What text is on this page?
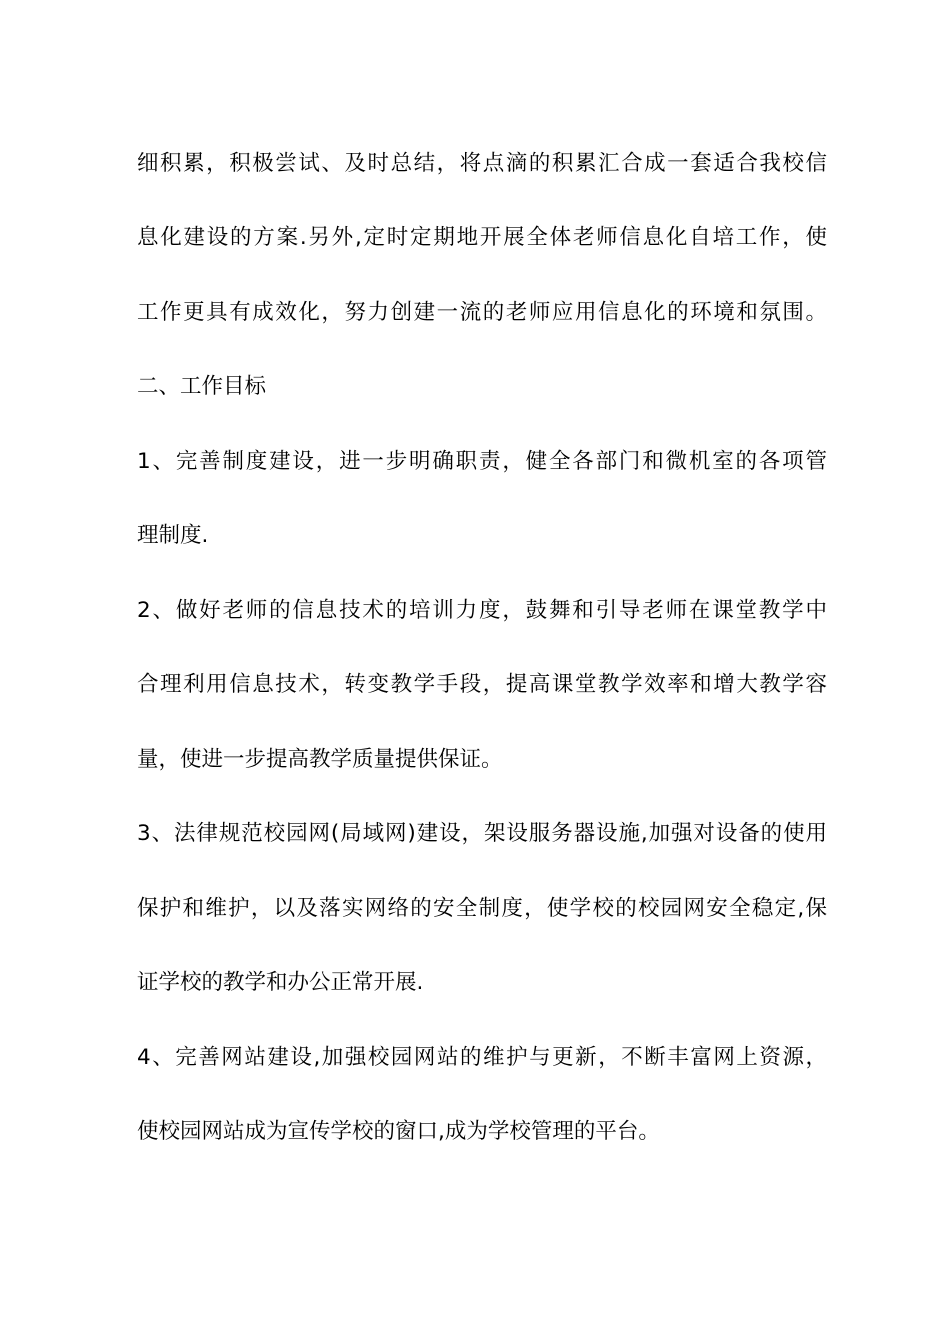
细积累，积极尝试、及时总结，将点滴的积累汇合成一套适合我校信
息化建设的方案.另外,定时定期地开展全体老师信息化自培工作，使
工作更具有成效化，努力创建一流的老师应用信息化的环境和氛围。
二、工作目标
1、完善制度建设，进一步明确职责，健全各部门和微机室的各项管
理制度.
2、做好老师的信息技术的培训力度，鼓舞和引导老师在课堂教学中
合理利用信息技术，转变教学手段，提高课堂教学效率和增大教学容
量，使进一步提高教学质量提供保证。
3、法律规范校园网(局域网)建设，架设服务器设施,加强对设备的使用
保护和维护，以及落实网络的安全制度，使学校的校园网安全稳定,保
证学校的教学和办公正常开展.
4、完善网站建设,加强校园网站的维护与更新，不断丰富网上资源，
使校园网站成为宣传学校的窗口,成为学校管理的平台。
